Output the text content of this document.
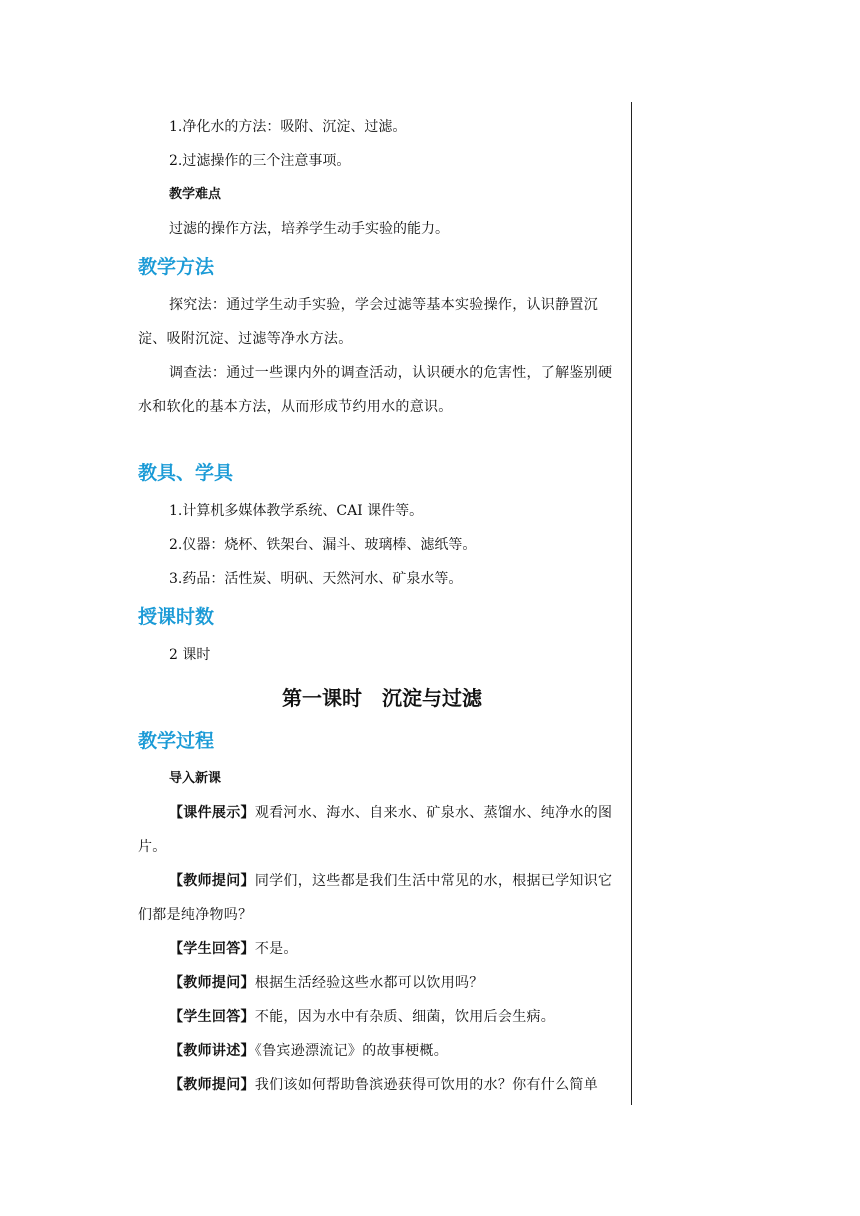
1.净化水的方法：吸附、沉淀、过滤。

2.过滤操作的三个注意事项。

教学难点

过滤的操作方法，培养学生动手实验的能力。

教学方法

探究法：通过学生动手实验，学会过滤等基本实验操作，认识静置沉淀、吸附沉淀、过滤等净水方法。

调查法：通过一些课内外的调查活动，认识硬水的危害性，了解鉴别硬水和软化的基本方法，从而形成节约用水的意识。

教具、学具

1.计算机多媒体教学系统、CAI 课件等。

2.仪器：烧杯、铁架台、漏斗、玻璃棒、滤纸等。

3.药品：活性炭、明矾、天然河水、矿泉水等。

授课时数

2 课时

第一课时　沉淀与过滤

教学过程

导入新课

【课件展示】观看河水、海水、自来水、矿泉水、蒸馏水、纯净水的图片。

【教师提问】同学们，这些都是我们生活中常见的水，根据已学知识它们都是纯净物吗？

【学生回答】不是。

【教师提问】根据生活经验这些水都可以饮用吗？

【学生回答】不能，因为水中有杂质、细菌，饮用后会生病。

【教师讲述】《鲁宾逊漂流记》的故事梗概。

【教师提问】我们该如何帮助鲁滨逊获得可饮用的水？你有什么简单
